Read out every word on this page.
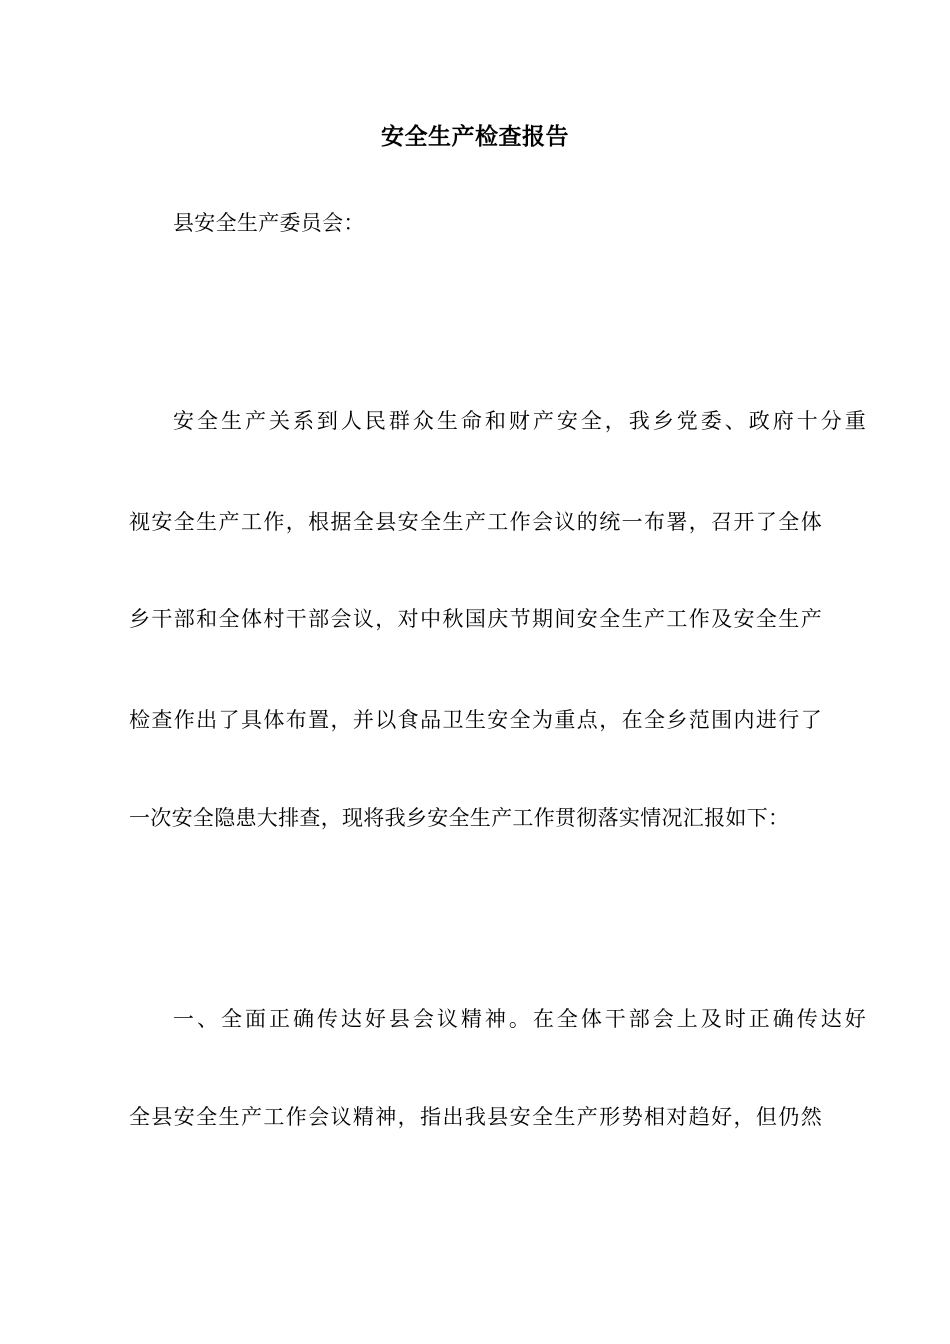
安全生产检查报告
县安全生产委员会：
安全生产关系到人民群众生命和财产安全，我乡党委、政府十分重
视安全生产工作，根据全县安全生产工作会议的统一布署，召开了全体
乡干部和全体村干部会议，对中秋国庆节期间安全生产工作及安全生产
检查作出了具体布置，并以食品卫生安全为重点，在全乡范围内进行了
一次安全隐患大排查，现将我乡安全生产工作贯彻落实情况汇报如下：
一、全面正确传达好县会议精神。在全体干部会上及时正确传达好
全县安全生产工作会议精神，指出我县安全生产形势相对趋好，但仍然
